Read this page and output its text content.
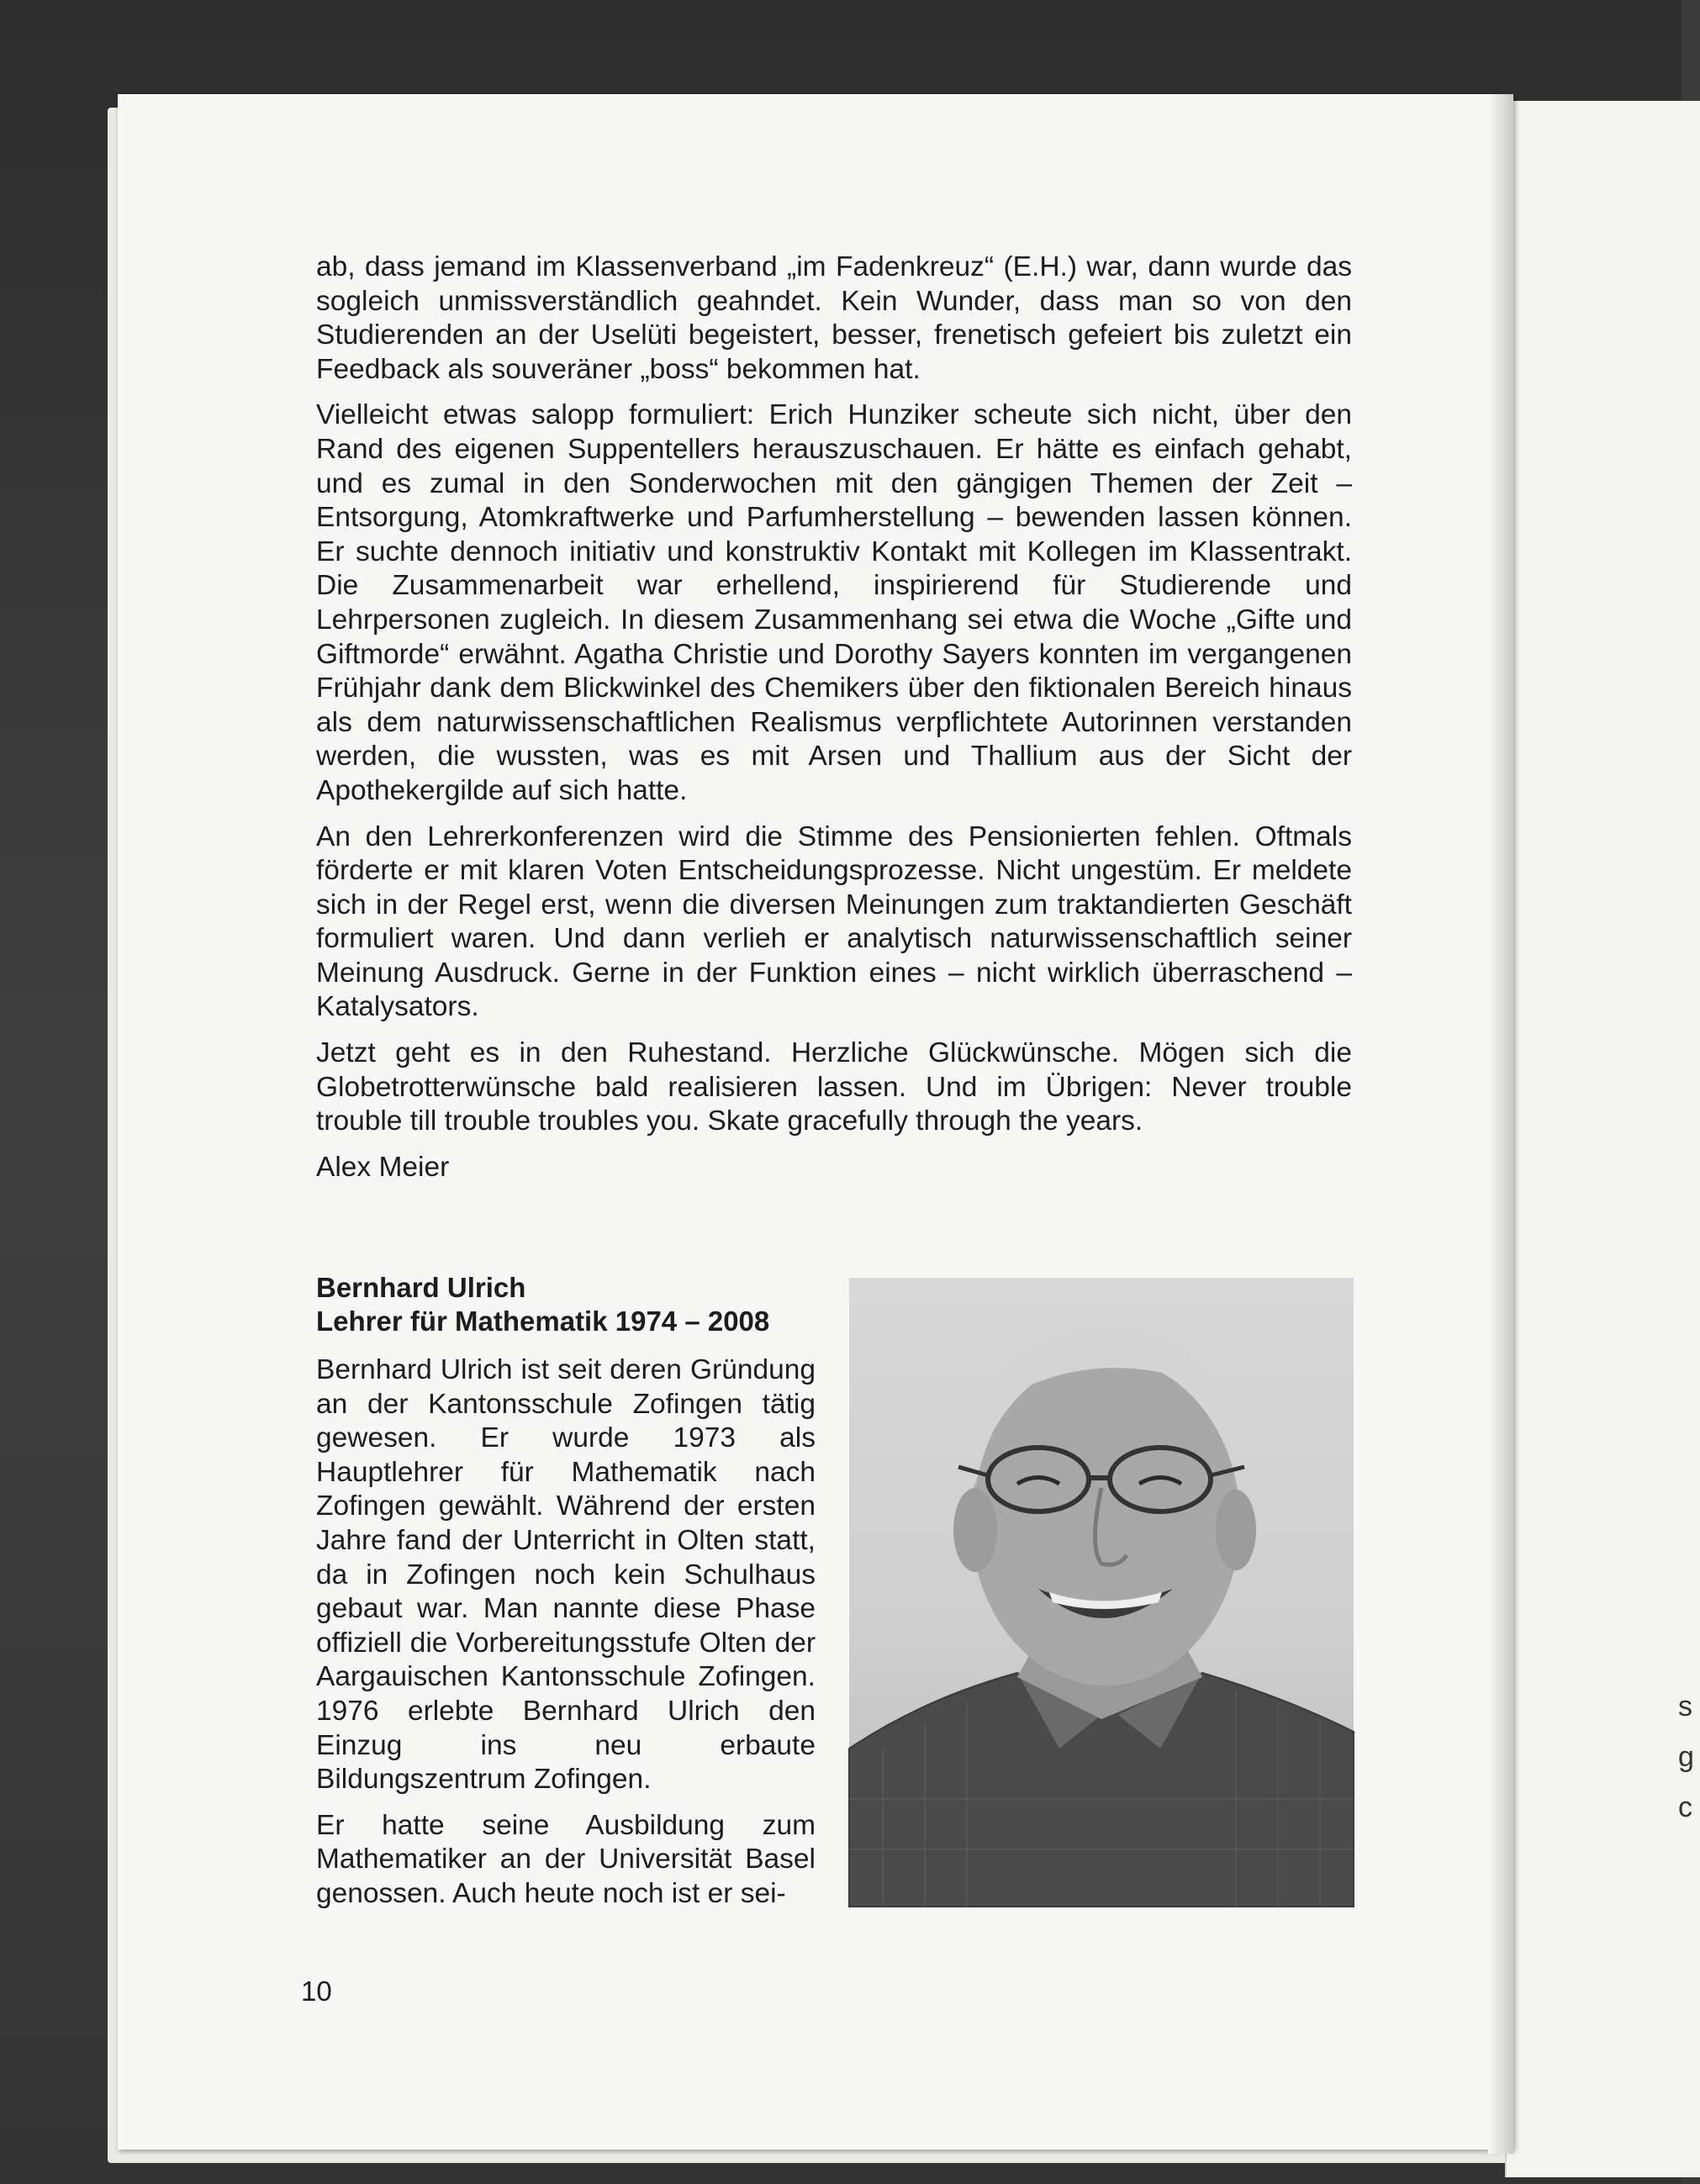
s
g
c

ab, dass jemand im Klassenverband „im Fadenkreuz“ (E.H.) war, dann wurde das sogleich unmissverständlich geahndet. Kein Wunder, dass man so von den Studierenden an der Uselüti begeistert, besser, frenetisch gefeiert bis zuletzt ein Feedback als souveräner „boss“ bekommen hat.

Vielleicht etwas salopp formuliert: Erich Hunziker scheute sich nicht, über den Rand des eigenen Suppentellers herauszuschauen. Er hätte es einfach gehabt, und es zumal in den Sonderwochen mit den gängigen Themen der Zeit – Entsorgung, Atomkraftwerke und Parfumherstellung – bewenden lassen können. Er suchte dennoch initiativ und konstruktiv Kontakt mit Kollegen im Klassentrakt. Die Zusammenarbeit war erhellend, inspirierend für Studierende und Lehrpersonen zugleich. In diesem Zusammenhang sei etwa die Woche „Gifte und Giftmorde“ erwähnt. Agatha Christie und Dorothy Sayers konnten im vergangenen Frühjahr dank dem Blickwinkel des Chemikers über den fiktionalen Bereich hinaus als dem naturwissenschaftlichen Realismus verpflichtete Autorinnen verstanden werden, die wussten, was es mit Arsen und Thallium aus der Sicht der Apothekergilde auf sich hatte.

An den Lehrerkonferenzen wird die Stimme des Pensionierten fehlen. Oftmals förderte er mit klaren Voten Entscheidungsprozesse. Nicht ungestüm. Er meldete sich in der Regel erst, wenn die diversen Meinungen zum traktandierten Geschäft formuliert waren. Und dann verlieh er analytisch naturwissenschaftlich seiner Meinung Ausdruck. Gerne in der Funktion eines – nicht wirklich überraschend – Katalysators.

Jetzt geht es in den Ruhestand. Herzliche Glückwünsche. Mögen sich die Globetrotterwünsche bald realisieren lassen. Und im Übrigen: Never trouble trouble till trouble troubles you. Skate gracefully through the years.

Alex Meier

Bernhard Ulrich
Lehrer für Mathematik 1974 – 2008

Bernhard Ulrich ist seit deren Gründung an der Kantonsschule Zofingen tätig gewesen. Er wurde 1973 als Hauptlehrer für Mathematik nach Zofingen gewählt. Während der ersten Jahre fand der Unterricht in Olten statt, da in Zofingen noch kein Schulhaus gebaut war. Man nannte diese Phase offiziell die Vorbereitungsstufe Olten der Aargauischen Kantonsschule Zofingen. 1976 erlebte Bernhard Ulrich den Einzug ins neu erbaute Bildungszentrum Zofingen.

Er hatte seine Ausbildung zum Mathematiker an der Universität Basel genossen. Auch heute noch ist er sei-

10
